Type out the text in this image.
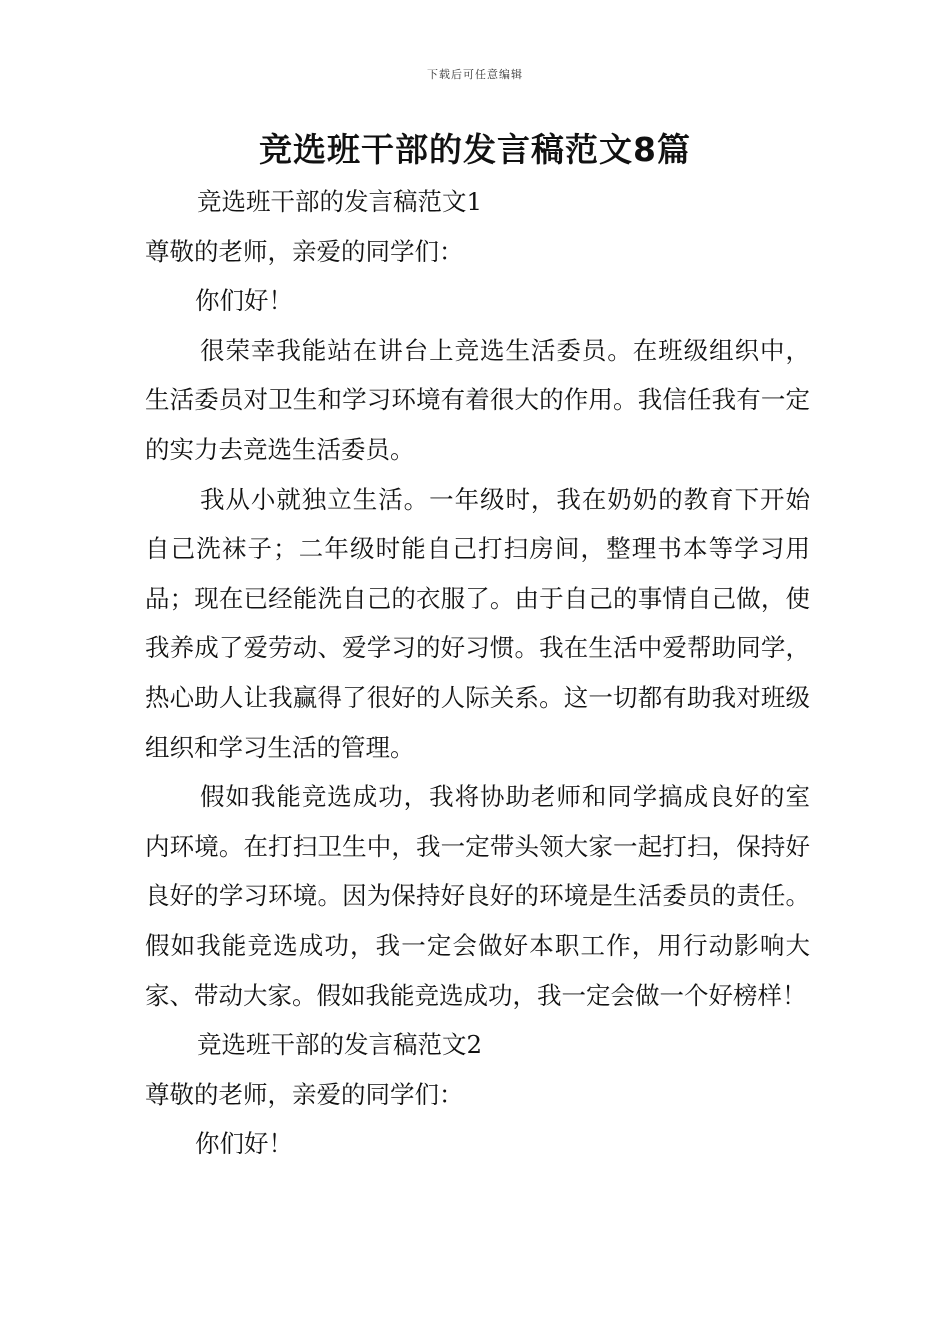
下载后可任意编辑
竞选班干部的发言稿范文8篇

竞选班干部的发言稿范文1

尊敬的老师，亲爱的同学们：

你们好！

很荣幸我能站在讲台上竞选生活委员。在班级组织中，生活委员对卫生和学习环境有着很大的作用。我信任我有一定的实力去竞选生活委员。

我从小就独立生活。一年级时，我在奶奶的教育下开始自己洗袜子；二年级时能自己打扫房间，整理书本等学习用品；现在已经能洗自己的衣服了。由于自己的事情自己做，使我养成了爱劳动、爱学习的好习惯。我在生活中爱帮助同学，热心助人让我赢得了很好的人际关系。这一切都有助我对班级组织和学习生活的管理。

假如我能竞选成功，我将协助老师和同学搞成良好的室内环境。在打扫卫生中，我一定带头领大家一起打扫，保持好良好的学习环境。因为保持好良好的环境是生活委员的责任。假如我能竞选成功，我一定会做好本职工作，用行动影响大家、带动大家。假如我能竞选成功，我一定会做一个好榜样！

竞选班干部的发言稿范文2

尊敬的老师，亲爱的同学们：

你们好！
